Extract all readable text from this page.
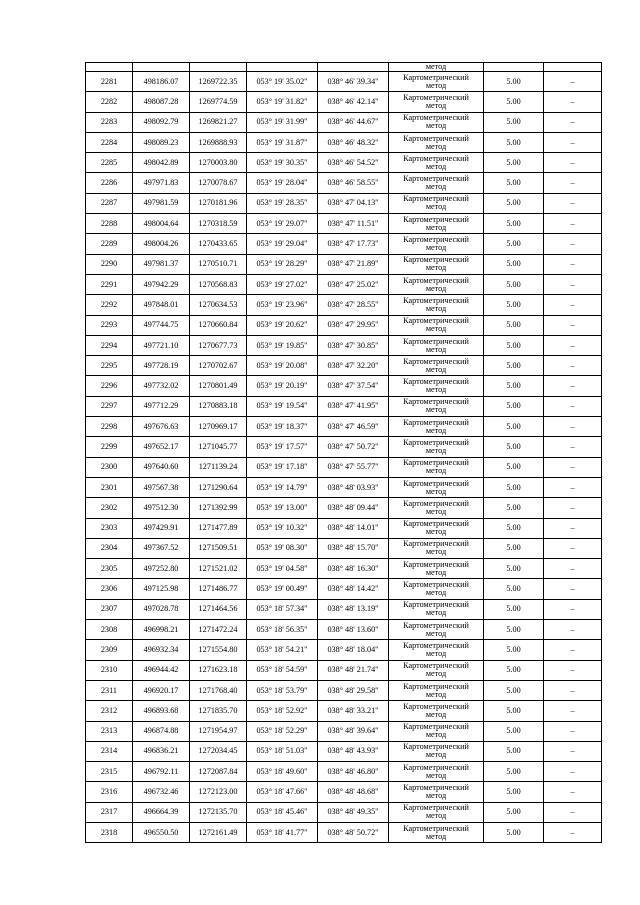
					метод		
2281	498186.07	1269722.35	053° 19' 35.02"	038° 46' 39.34"	Картометрический
метод	5.00	–
2282	498087.28	1269774.59	053° 19' 31.82"	038° 46' 42.14"	Картометрический
метод	5.00	–
2283	498092.79	1269821.27	053° 19' 31.99"	038° 46' 44.67"	Картометрический
метод	5.00	–
2284	498089.23	1269888.93	053° 19' 31.87"	038° 46' 48.32"	Картометрический
метод	5.00	–
2285	498042.89	1270003.80	053° 19' 30.35"	038° 46' 54.52"	Картометрический
метод	5.00	–
2286	497971.83	1270078.67	053° 19' 28.04"	038° 46' 58.55"	Картометрический
метод	5.00	–
2287	497981.59	1270181.96	053° 19' 28.35"	038° 47' 04.13"	Картометрический
метод	5.00	–
2288	498004.64	1270318.59	053° 19' 29.07"	038° 47' 11.51"	Картометрический
метод	5.00	–
2289	498004.26	1270433.65	053° 19' 29.04"	038° 47' 17.73"	Картометрический
метод	5.00	–
2290	497981.37	1270510.71	053° 19' 28.29"	038° 47' 21.89"	Картометрический
метод	5.00	–
2291	497942.29	1270568.83	053° 19' 27.02"	038° 47' 25.02"	Картометрический
метод	5.00	–
2292	497848.01	1270634.53	053° 19' 23.96"	038° 47' 28.55"	Картометрический
метод	5.00	–
2293	497744.75	1270660.84	053° 19' 20.62"	038° 47' 29.95"	Картометрический
метод	5.00	–
2294	497721.10	1270677.73	053° 19' 19.85"	038° 47' 30.85"	Картометрический
метод	5.00	–
2295	497728.19	1270702.67	053° 19' 20.08"	038° 47' 32.20"	Картометрический
метод	5.00	–
2296	497732.02	1270801.49	053° 19' 20.19"	038° 47' 37.54"	Картометрический
метод	5.00	–
2297	497712.29	1270883.18	053° 19' 19.54"	038° 47' 41.95"	Картометрический
метод	5.00	–
2298	497676.63	1270969.17	053° 19' 18.37"	038° 47' 46.59"	Картометрический
метод	5.00	–
2299	497652.17	1271045.77	053° 19' 17.57"	038° 47' 50.72"	Картометрический
метод	5.00	–
2300	497640.60	1271139.24	053° 19' 17.18"	038° 47' 55.77"	Картометрический
метод	5.00	–
2301	497567.38	1271290.64	053° 19' 14.79"	038° 48' 03.93"	Картометрический
метод	5.00	–
2302	497512.30	1271392.99	053° 19' 13.00"	038° 48' 09.44"	Картометрический
метод	5.00	–
2303	497429.91	1271477.89	053° 19' 10.32"	038° 48' 14.01"	Картометрический
метод	5.00	–
2304	497367.52	1271509.51	053° 19' 08.30"	038° 48' 15.70"	Картометрический
метод	5.00	–
2305	497252.80	1271521.02	053° 19' 04.58"	038° 48' 16.30"	Картометрический
метод	5.00	–
2306	497125.98	1271486.77	053° 19' 00.49"	038° 48' 14.42"	Картометрический
метод	5.00	–
2307	497028.78	1271464.56	053° 18' 57.34"	038° 48' 13.19"	Картометрический
метод	5.00	–
2308	496998.21	1271472.24	053° 18' 56.35"	038° 48' 13.60"	Картометрический
метод	5.00	–
2309	496932.34	1271554.80	053° 18' 54.21"	038° 48' 18.04"	Картометрический
метод	5.00	–
2310	496944.42	1271623.18	053° 18' 54.59"	038° 48' 21.74"	Картометрический
метод	5.00	–
2311	496920.17	1271768.40	053° 18' 53.79"	038° 48' 29.58"	Картометрический
метод	5.00	–
2312	496893.68	1271835.70	053° 18' 52.92"	038° 48' 33.21"	Картометрический
метод	5.00	–
2313	496874.88	1271954.97	053° 18' 52.29"	038° 48' 39.64"	Картометрический
метод	5.00	–
2314	496836.21	1272034.45	053° 18' 51.03"	038° 48' 43.93"	Картометрический
метод	5.00	–
2315	496792.11	1272087.84	053° 18' 49.60"	038° 48' 46.80"	Картометрический
метод	5.00	–
2316	496732.46	1272123.00	053° 18' 47.66"	038° 48' 48.68"	Картометрический
метод	5.00	–
2317	496664.39	1272135.70	053° 18' 45.46"	038° 48' 49.35"	Картометрический
метод	5.00	–
2318	496550.50	1272161.49	053° 18' 41.77"	038° 48' 50.72"	Картометрический
метод	5.00	–
